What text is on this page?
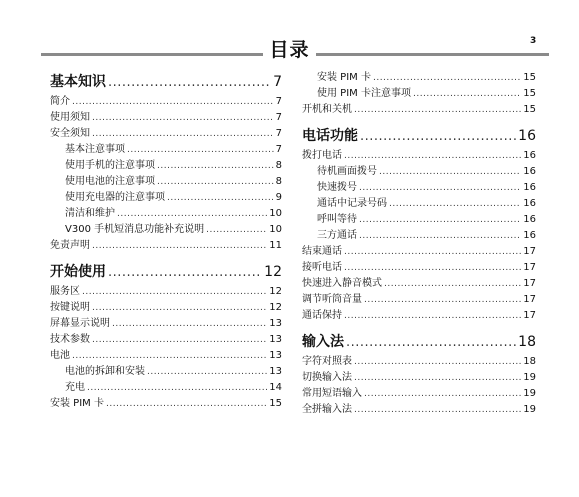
3
目录
基本知识 .....	7
简介 .....	7
使用须知 .....	7
安全须知 .....	7
基本注意事项 .....	7
使用手机的注意事项 .....	8
使用电池的注意事项 .....	8
使用充电器的注意事项 .....	9
清洁和维护 .....	10
V300 手机短消息功能补充说明 .....	10
免责声明 .....	11
开始使用 .....	12
服务区 .....	12
按键说明 .....	12
屏幕显示说明 .....	13
技术参数 .....	13
电池 .....	13
电池的拆卸和安装 .....	13
充电 .....	14
安装 PIM 卡 .....	15
安装 PIM 卡 .....	15
使用 PIM 卡注意事项 .....	15
开机和关机 .....	15
电话功能 .....	16
拨打电话 .....	16
待机画面拨号 .....	16
快速拨号 .....	16
通话中记录号码 .....	16
呼叫等待 .....	16
三方通话 .....	16
结束通话 .....	17
接听电话 .....	17
快速进入静音模式 .....	17
调节听筒音量 .....	17
通话保持 .....	17
输入法 .....	18
字符对照表 .....	18
切换输入法 .....	19
常用短语输入 .....	19
全拼输入法 .....	19
